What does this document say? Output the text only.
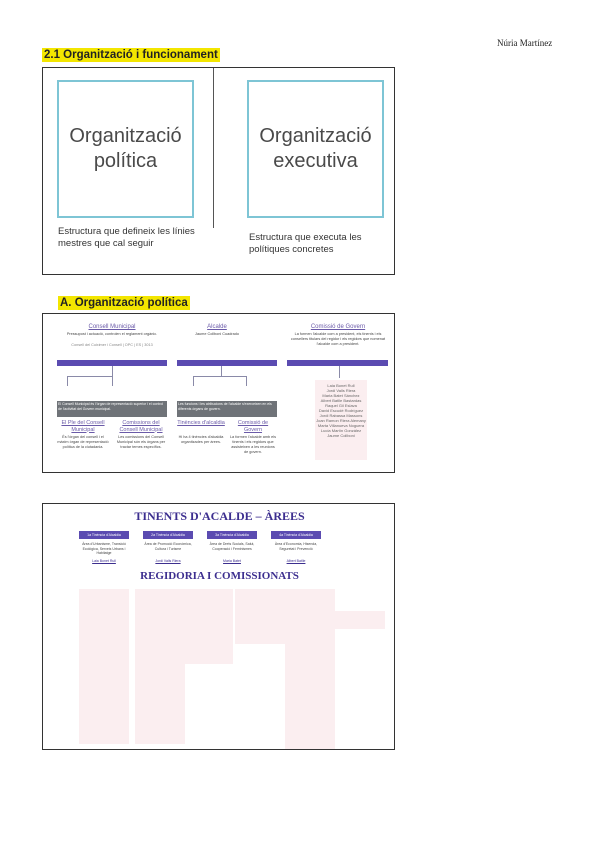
Núria Martínez
2.1 Organització i funcionament
Organització política
Organització executiva
Estructura que defineix les línies mestres que cal seguir
Estructura que executa les polítiques concretes
A. Organització política
Consell Municipal
Pressupost i actuació, controlen el reglament orgànic.
Consell del Cuiximer i Consell | OPC | ES | 3013
Alcalde
Jaume Collboni Cuadrado
Comissió de Govern
La formen l'alcalde com a president, els tinents i els consellers titulars del regidor i els regidors que nomenat l'alcalde com a president.
El Consell Municipal és l'òrgan de representació superior i el control de l'activitat del Govern municipal.
Les funcions i les atribucions de l'alcalde s'exerceixen en els diferents òrgans de govern.
El Ple del Consell Municipal
És l'òrgan del consell i el màxim òrgan de representació política de la ciutadania.
Comissions del Consell Municipal
Les comissions del Consell Municipal són els òrgans per tractar temes específics.
Tinències d'alcaldia
Hi ha 4 tinències d'alcaldia organitzades per àrees.
Comissió de Govern
La formen l'alcalde amb els tinents i els regidors que assisteixen a les reunions de govern.
Laia Bonet Rull
Jordi Valls Riera
Maria Batet Sánchez
Albert Batlle Bastardas
Raquel Gil Eslava
David Escudé Rodríguez
Jordi Rabassa Massons
Joan Ramon Riera Alemany
Marta Villanueva Noguera
Lucía Martín González
Jaume Collboni
TINENTS D'ACALDE – ÀREES
1a Tinència d'Alcaldia	2a Tinència d'Alcaldia	3a Tinència d'Alcaldia	4a Tinència d'Alcaldia
Àrea d'Urbanisme, Transició Ecològica, Serveis Urbans i Habitatge
Laia Bonet Rull
Àrea de Promoció Econòmica, Cultura i Turisme
Jordi Valls Riera
Àrea de Drets Socials, Salut, Cooperació i Feminismes
Maria Batet
Àrea d'Economia, Hisenda, Seguretat i Prevenció
Albert Batlle
REGIDORIA I COMISSIONATS
